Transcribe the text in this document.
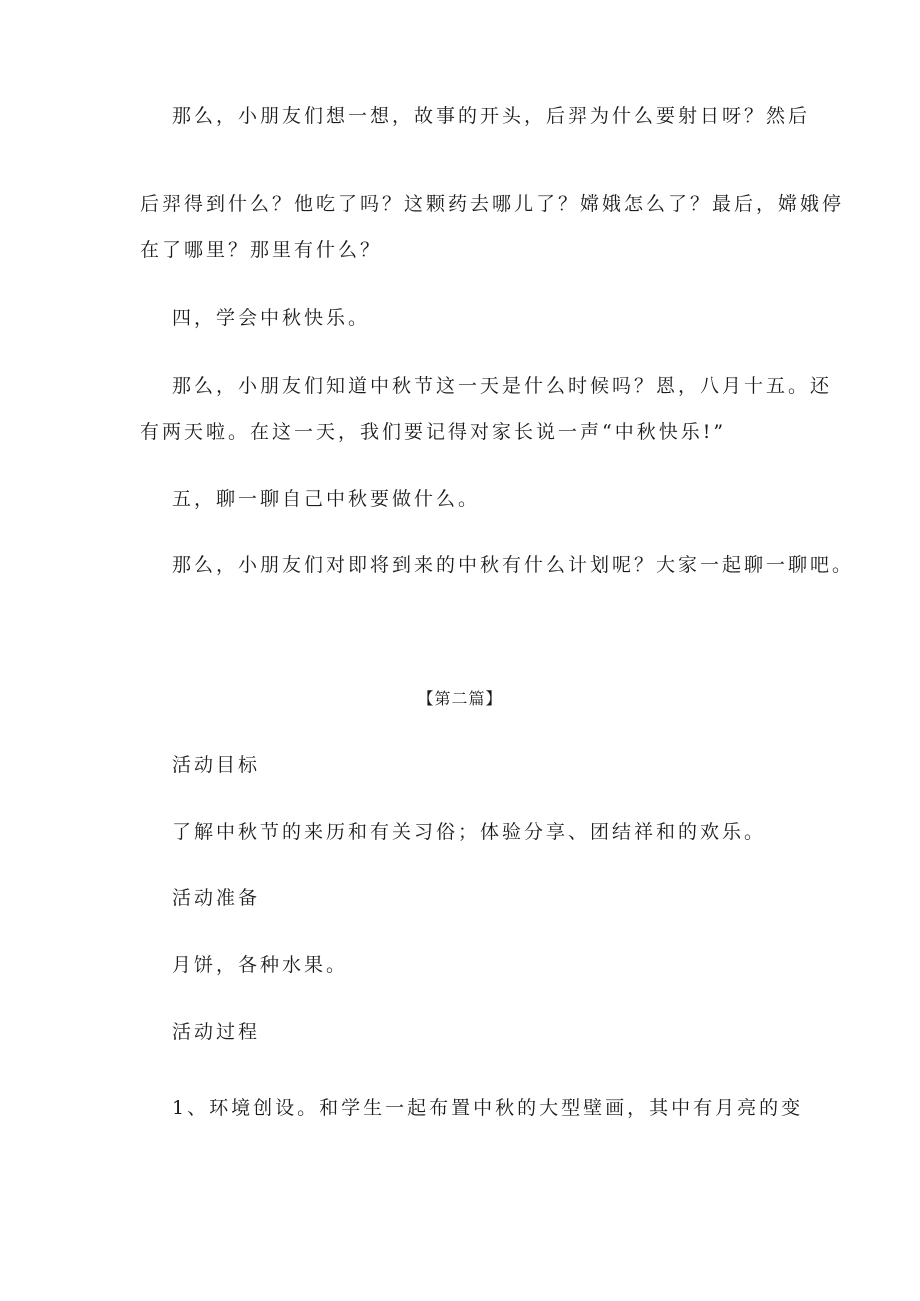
那么，小朋友们想一想，故事的开头，后羿为什么要射日呀？然后
后羿得到什么？他吃了吗？这颗药去哪儿了？嫦娥怎么了？最后，嫦娥停
在了哪里？那里有什么？
四，学会中秋快乐。
那么，小朋友们知道中秋节这一天是什么时候吗？恩，八月十五。还
有两天啦。在这一天，我们要记得对家长说一声“中秋快乐!”
五，聊一聊自己中秋要做什么。
那么，小朋友们对即将到来的中秋有什么计划呢？大家一起聊一聊吧。
【第二篇】
活动目标
了解中秋节的来历和有关习俗；体验分享、团结祥和的欢乐。
活动准备
月饼，各种水果。
活动过程
1、环境创设。和学生一起布置中秋的大型壁画，其中有月亮的变
